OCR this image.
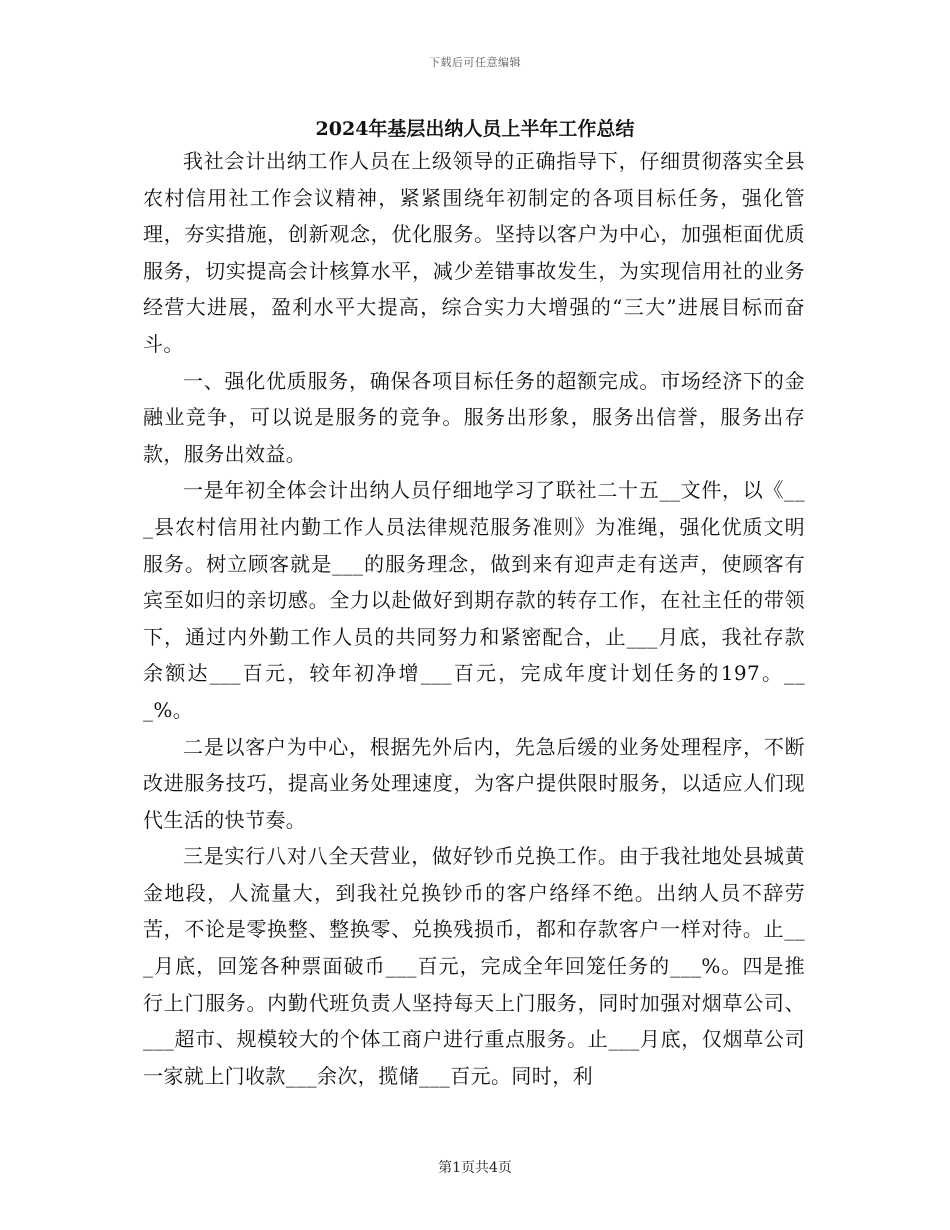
下载后可任意编辑
2024年基层出纳人员上半年工作总结

我社会计出纳工作人员在上级领导的正确指导下，仔细贯彻落实全县农村信用社工作会议精神，紧紧围绕年初制定的各项目标任务，强化管理，夯实措施，创新观念，优化服务。坚持以客户为中心，加强柜面优质服务，切实提高会计核算水平，减少差错事故发生，为实现信用社的业务经营大进展，盈利水平大提高，综合实力大增强的“三大”进展目标而奋斗。

一、强化优质服务，确保各项目标任务的超额完成。市场经济下的金融业竞争，可以说是服务的竞争。服务出形象，服务出信誉，服务出存款，服务出效益。

一是年初全体会计出纳人员仔细地学习了联社二十五__文件，以《___县农村信用社内勤工作人员法律规范服务准则》为准绳，强化优质文明服务。树立顾客就是___的服务理念，做到来有迎声走有送声，使顾客有宾至如归的亲切感。全力以赴做好到期存款的转存工作，在社主任的带领下，通过内外勤工作人员的共同努力和紧密配合，止___月底，我社存款余额达___百元，较年初净增___百元，完成年度计划任务的197。___%。

二是以客户为中心，根据先外后内，先急后缓的业务处理程序，不断改进服务技巧，提高业务处理速度，为客户提供限时服务，以适应人们现代生活的快节奏。

三是实行八对八全天营业，做好钞币兑换工作。由于我社地处县城黄金地段，人流量大，到我社兑换钞币的客户络绎不绝。出纳人员不辞劳苦，不论是零换整、整换零、兑换残损币，都和存款客户一样对待。止___月底，回笼各种票面破币___百元，完成全年回笼任务的___%。四是推行上门服务。内勤代班负责人坚持每天上门服务，同时加强对烟草公司、___超市、规模较大的个体工商户进行重点服务。止___月底，仅烟草公司一家就上门收款___余次，揽储___百元。同时，利

第1页共4页
